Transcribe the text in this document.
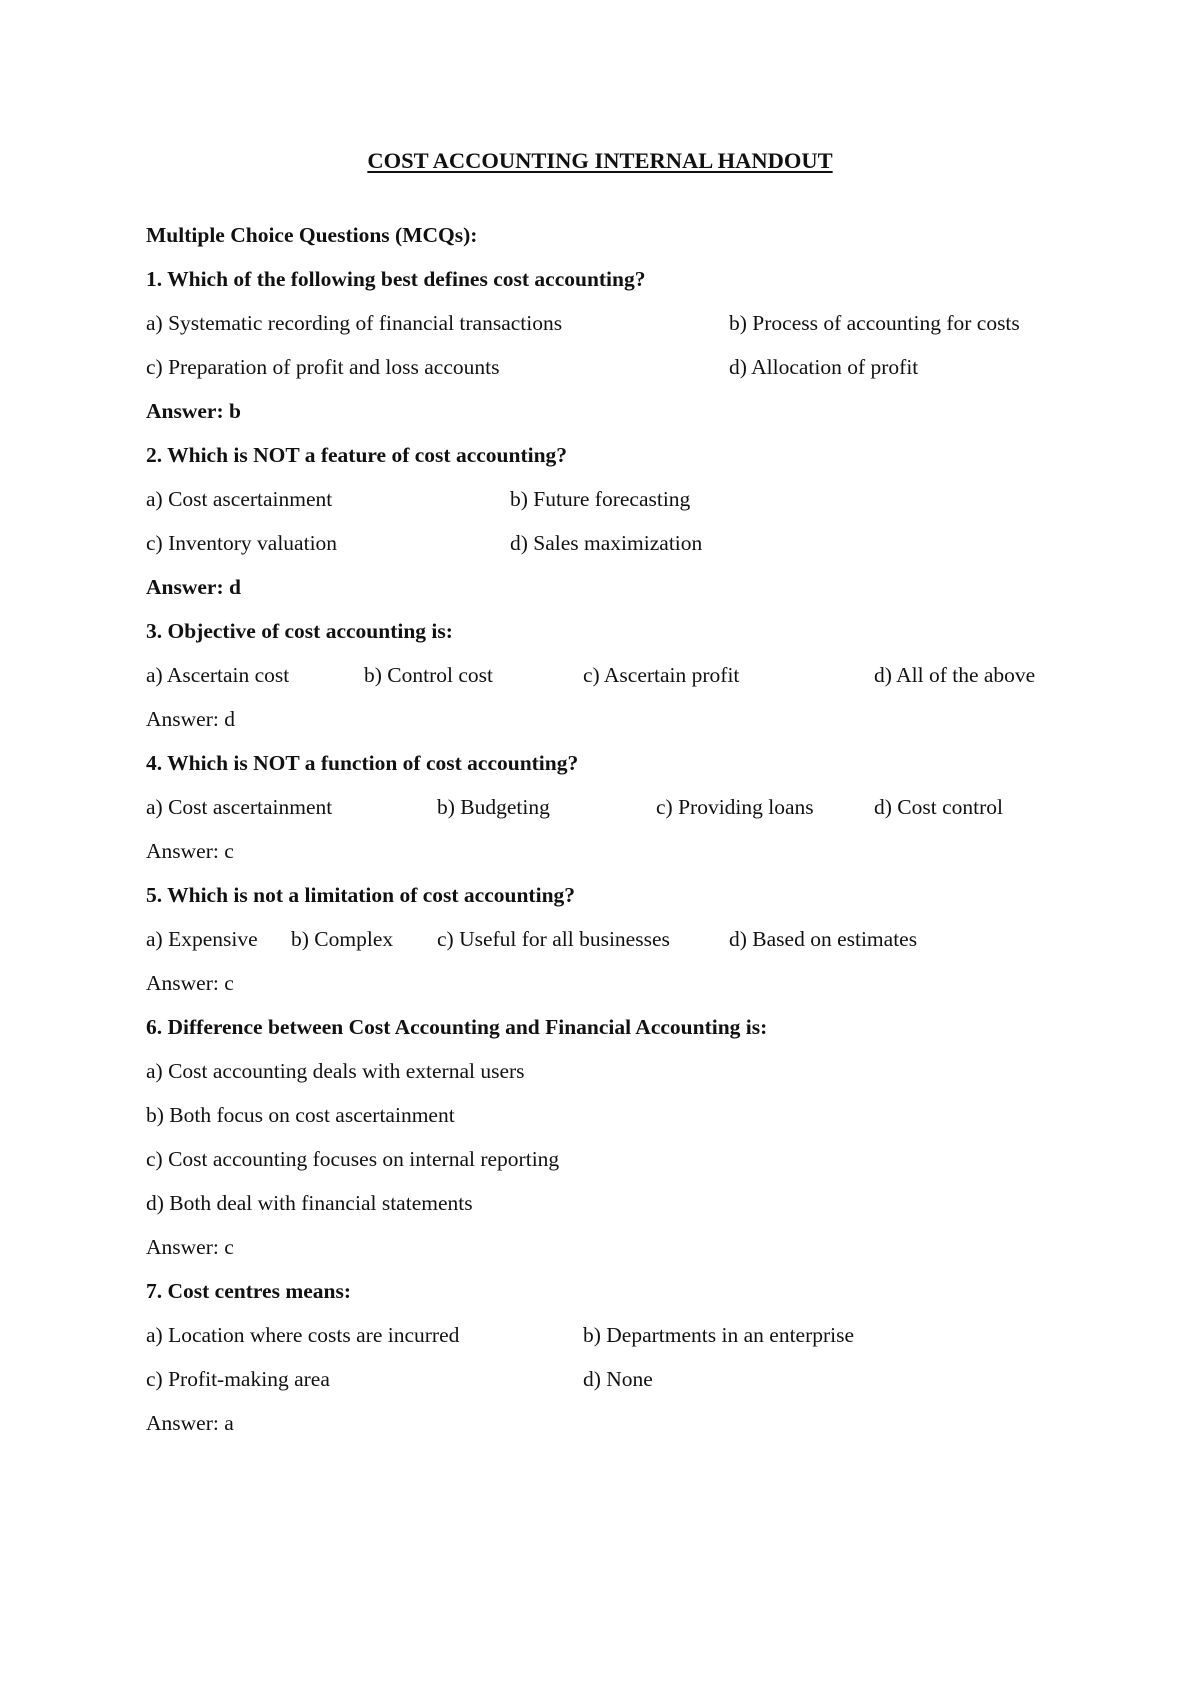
COST ACCOUNTING INTERNAL HANDOUT
Multiple Choice Questions (MCQs):
1. Which of the following best defines cost accounting?
a) Systematic recording of financial transactions	b) Process of accounting for costs
c) Preparation of profit and loss accounts	d) Allocation of profit
Answer: b
2. Which is NOT a feature of cost accounting?
a) Cost ascertainment	b) Future forecasting
c) Inventory valuation	d) Sales maximization
Answer: d
3. Objective of cost accounting is:
a) Ascertain cost	b) Control cost	c) Ascertain profit	d) All of the above
Answer: d
4. Which is NOT a function of cost accounting?
a) Cost ascertainment	b) Budgeting	c) Providing loans	d) Cost control
Answer: c
5. Which is not a limitation of cost accounting?
a) Expensive b) Complex c) Useful for all businesses	d) Based on estimates
Answer: c
6. Difference between Cost Accounting and Financial Accounting is:
a) Cost accounting deals with external users
b) Both focus on cost ascertainment
c) Cost accounting focuses on internal reporting
d) Both deal with financial statements
Answer: c
7. Cost centres means:
a) Location where costs are incurred	b) Departments in an enterprise
c) Profit-making area	d) None
Answer: a
